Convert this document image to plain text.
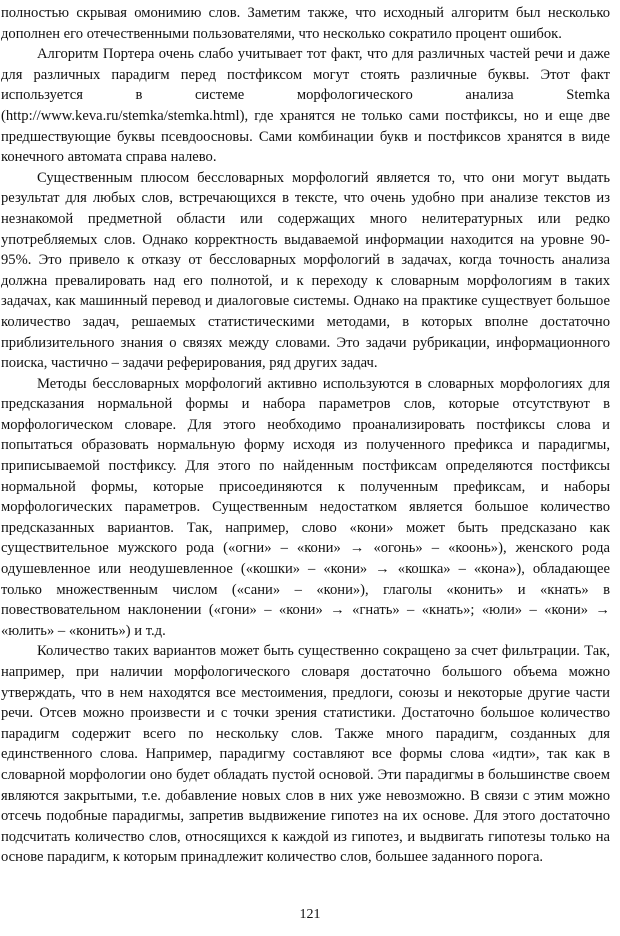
полностью скрывая омонимию слов. Заметим также, что исходный алгоритм был несколько дополнен его отечественными пользователями, что несколько сократило процент ошибок.

Алгоритм Портера очень слабо учитывает тот факт, что для различных частей речи и даже для различных парадигм перед постфиксом могут стоять различные буквы. Этот факт используется в системе морфологического анализа Stemka (http://www.keva.ru/stemka/stemka.html), где хранятся не только сами постфиксы, но и еще две предшествующие буквы псевдоосновы. Сами комбинации букв и постфиксов хранятся в виде конечного автомата справа налево.

Существенным плюсом бессловарных морфологий является то, что они могут выдать результат для любых слов, встречающихся в тексте, что очень удобно при анализе текстов из незнакомой предметной области или содержащих много нелитературных или редко употребляемых слов. Однако корректность выдаваемой информации находится на уровне 90-95%. Это привело к отказу от бессловарных морфологий в задачах, когда точность анализа должна превалировать над его полнотой, и к переходу к словарным морфологиям в таких задачах, как машинный перевод и диалоговые системы. Однако на практике существует большое количество задач, решаемых статистическими методами, в которых вполне достаточно приблизительного знания о связях между словами. Это задачи рубрикации, информационного поиска, частично – задачи реферирования, ряд других задач.

Методы бессловарных морфологий активно используются в словарных морфологиях для предсказания нормальной формы и набора параметров слов, которые отсутствуют в морфологическом словаре. Для этого необходимо проанализировать постфиксы слова и попытаться образовать нормальную форму исходя из полученного префикса и парадигмы, приписываемой постфиксу. Для этого по найденным постфиксам определяются постфиксы нормальной формы, которые присоединяются к полученным префиксам, и наборы морфологических параметров. Существенным недостатком является большое количество предсказанных вариантов. Так, например, слово «кони» может быть предсказано как существительное мужского рода («огни» – «кони» → «огонь» – «коонь»), женского рода одушевленное или неодушевленное («кошки» – «кони» → «кошка» – «кона»), обладающее только множественным числом («сани» – «кони»), глаголы «конить» и «кнать» в повествовательном наклонении («гони» – «кони» → «гнать» – «кнать»; «юли» – «кони» → «юлить» – «конить») и т.д.

Количество таких вариантов может быть существенно сокращено за счет фильтрации. Так, например, при наличии морфологического словаря достаточно большого объема можно утверждать, что в нем находятся все местоимения, предлоги, союзы и некоторые другие части речи. Отсев можно произвести и с точки зрения статистики. Достаточно большое количество парадигм содержит всего по нескольку слов. Также много парадигм, созданных для единственного слова. Например, парадигму составляют все формы слова «идти», так как в словарной морфологии оно будет обладать пустой основой. Эти парадигмы в большинстве своем являются закрытыми, т.е. добавление новых слов в них уже невозможно. В связи с этим можно отсечь подобные парадигмы, запретив выдвижение гипотез на их основе. Для этого достаточно подсчитать количество слов, относящихся к каждой из гипотез, и выдвигать гипотезы только на основе парадигм, к которым принадлежит количество слов, большее заданного порога.

121
